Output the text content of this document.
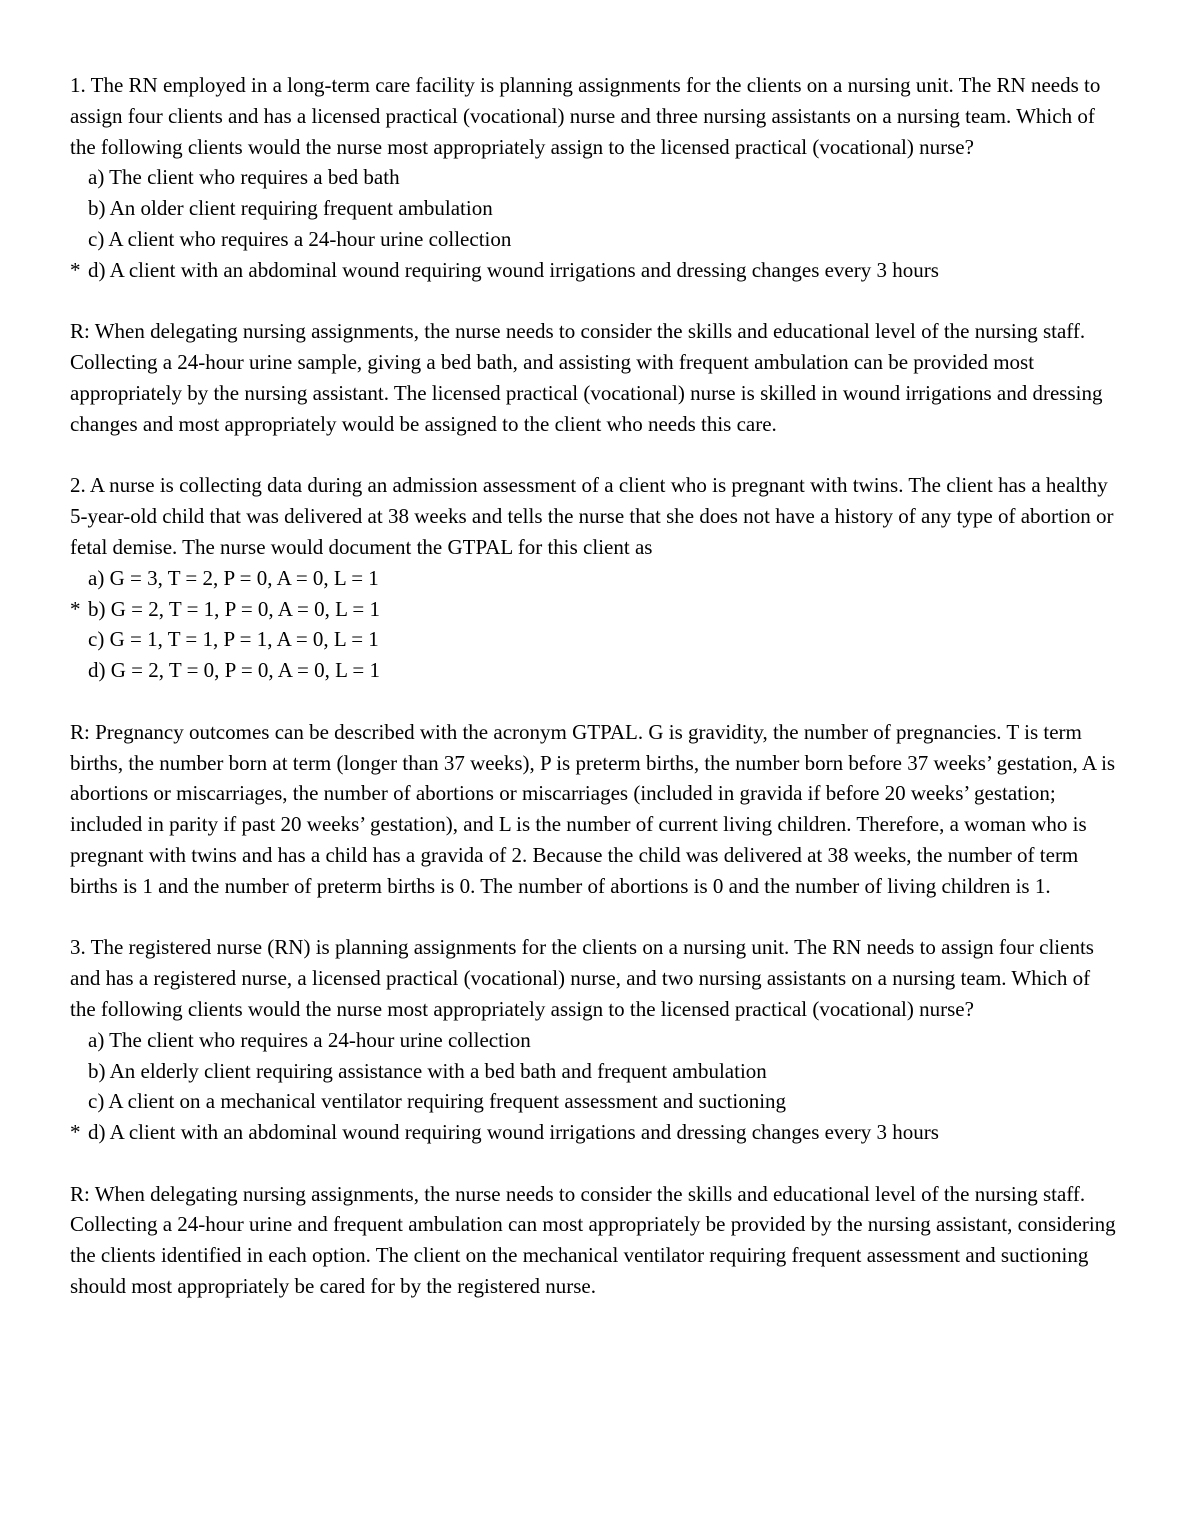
1. The RN employed in a long-term care facility is planning assignments for the clients on a nursing unit. The RN needs to assign four clients and has a licensed practical (vocational) nurse and three nursing assistants on a nursing team. Which of the following clients would the nurse most appropriately assign to the licensed practical (vocational) nurse?

a) The client who requires a bed bath
b) An older client requiring frequent ambulation
c) A client who requires a 24-hour urine collection
* d) A client with an abdominal wound requiring wound irrigations and dressing changes every 3 hours

R: When delegating nursing assignments, the nurse needs to consider the skills and educational level of the nursing staff. Collecting a 24-hour urine sample, giving a bed bath, and assisting with frequent ambulation can be provided most appropriately by the nursing assistant. The licensed practical (vocational) nurse is skilled in wound irrigations and dressing changes and most appropriately would be assigned to the client who needs this care.

2. A nurse is collecting data during an admission assessment of a client who is pregnant with twins. The client has a healthy 5-year-old child that was delivered at 38 weeks and tells the nurse that she does not have a history of any type of abortion or fetal demise. The nurse would document the GTPAL for this client as

a) G = 3, T = 2, P = 0, A = 0, L = 1
* b) G = 2, T = 1, P = 0, A = 0, L = 1
c) G = 1, T = 1, P = 1, A = 0, L = 1
d) G = 2, T = 0, P = 0, A = 0, L = 1

R: Pregnancy outcomes can be described with the acronym GTPAL. G is gravidity, the number of pregnancies. T is term births, the number born at term (longer than 37 weeks), P is preterm births, the number born before 37 weeks’ gestation, A is abortions or miscarriages, the number of abortions or miscarriages (included in gravida if before 20 weeks’ gestation; included in parity if past 20 weeks’ gestation), and L is the number of current living children. Therefore, a woman who is pregnant with twins and has a child has a gravida of 2. Because the child was delivered at 38 weeks, the number of term births is 1 and the number of preterm births is 0. The number of abortions is 0 and the number of living children is 1.

3. The registered nurse (RN) is planning assignments for the clients on a nursing unit. The RN needs to assign four clients and has a registered nurse, a licensed practical (vocational) nurse, and two nursing assistants on a nursing team. Which of the following clients would the nurse most appropriately assign to the licensed practical (vocational) nurse?

a) The client who requires a 24-hour urine collection
b) An elderly client requiring assistance with a bed bath and frequent ambulation
c) A client on a mechanical ventilator requiring frequent assessment and suctioning
* d) A client with an abdominal wound requiring wound irrigations and dressing changes every 3 hours

R: When delegating nursing assignments, the nurse needs to consider the skills and educational level of the nursing staff. Collecting a 24-hour urine and frequent ambulation can most appropriately be provided by the nursing assistant, considering the clients identified in each option. The client on the mechanical ventilator requiring frequent assessment and suctioning should most appropriately be cared for by the registered nurse.
